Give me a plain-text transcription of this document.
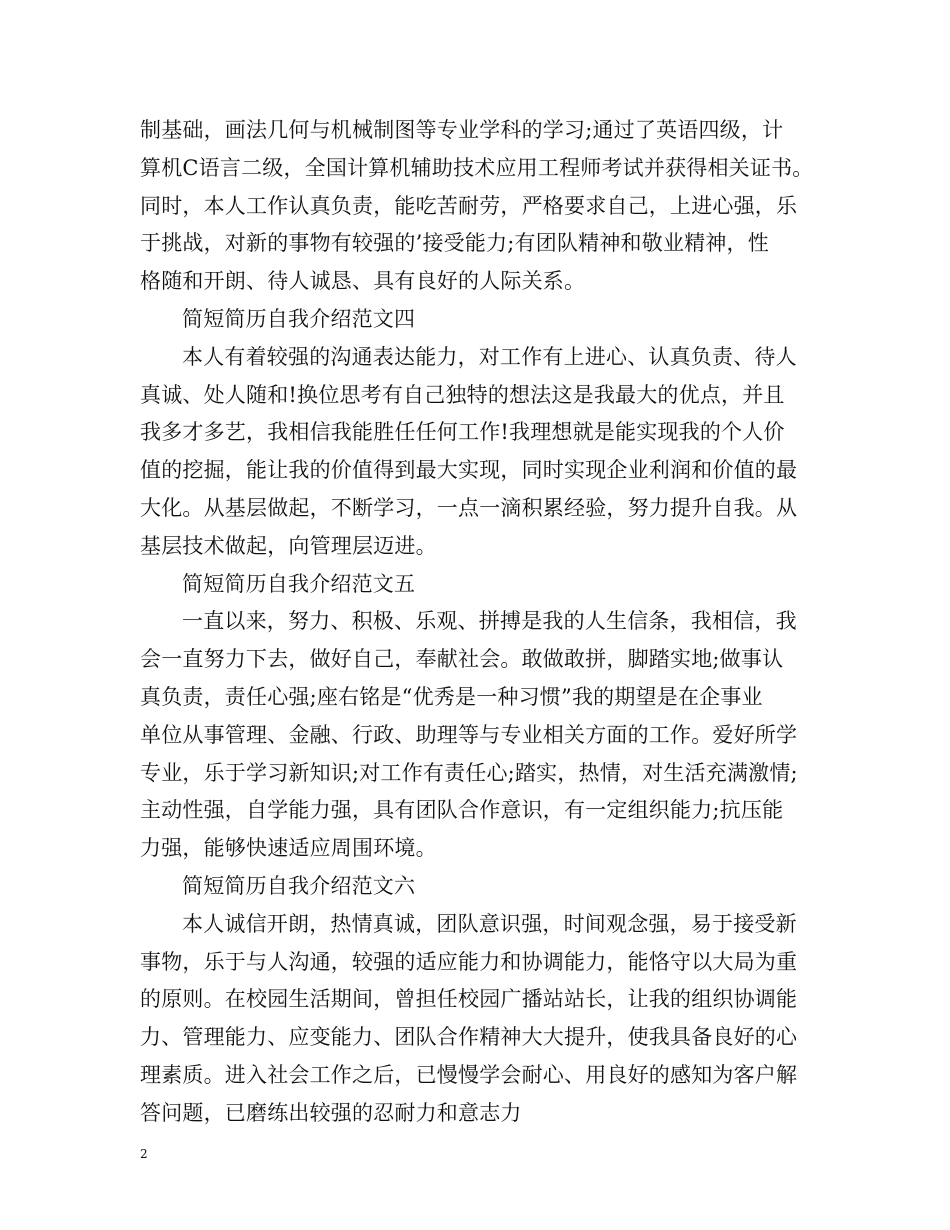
制基础，画法几何与机械制图等专业学科的学习;通过了英语四级，计
算机C语言二级，全国计算机辅助技术应用工程师考试并获得相关证书。
同时，本人工作认真负责，能吃苦耐劳，严格要求自己，上进心强，乐
于挑战，对新的事物有较强的’接受能力;有团队精神和敬业精神，性
格随和开朗、待人诚恳、具有良好的人际关系。
简短简历自我介绍范文四
本人有着较强的沟通表达能力，对工作有上进心、认真负责、待人
真诚、处人随和!换位思考有自己独特的想法这是我最大的优点，并且
我多才多艺，我相信我能胜任任何工作!我理想就是能实现我的个人价
值的挖掘，能让我的价值得到最大实现，同时实现企业利润和价值的最
大化。从基层做起，不断学习，一点一滴积累经验，努力提升自我。从
基层技术做起，向管理层迈进。
简短简历自我介绍范文五
一直以来，努力、积极、乐观、拼搏是我的人生信条，我相信，我
会一直努力下去，做好自己，奉献社会。敢做敢拼，脚踏实地;做事认
真负责，责任心强;座右铭是“优秀是一种习惯”我的期望是在企事业
单位从事管理、金融、行政、助理等与专业相关方面的工作。爱好所学
专业，乐于学习新知识;对工作有责任心;踏实，热情，对生活充满激情;
主动性强，自学能力强，具有团队合作意识，有一定组织能力;抗压能
力强，能够快速适应周围环境。
简短简历自我介绍范文六
本人诚信开朗，热情真诚，团队意识强，时间观念强，易于接受新
事物，乐于与人沟通，较强的适应能力和协调能力，能恪守以大局为重
的原则。在校园生活期间，曾担任校园广播站站长，让我的组织协调能
力、管理能力、应变能力、团队合作精神大大提升，使我具备良好的心
理素质。进入社会工作之后，已慢慢学会耐心、用良好的感知为客户解
答问题，已磨练出较强的忍耐力和意志力
2
